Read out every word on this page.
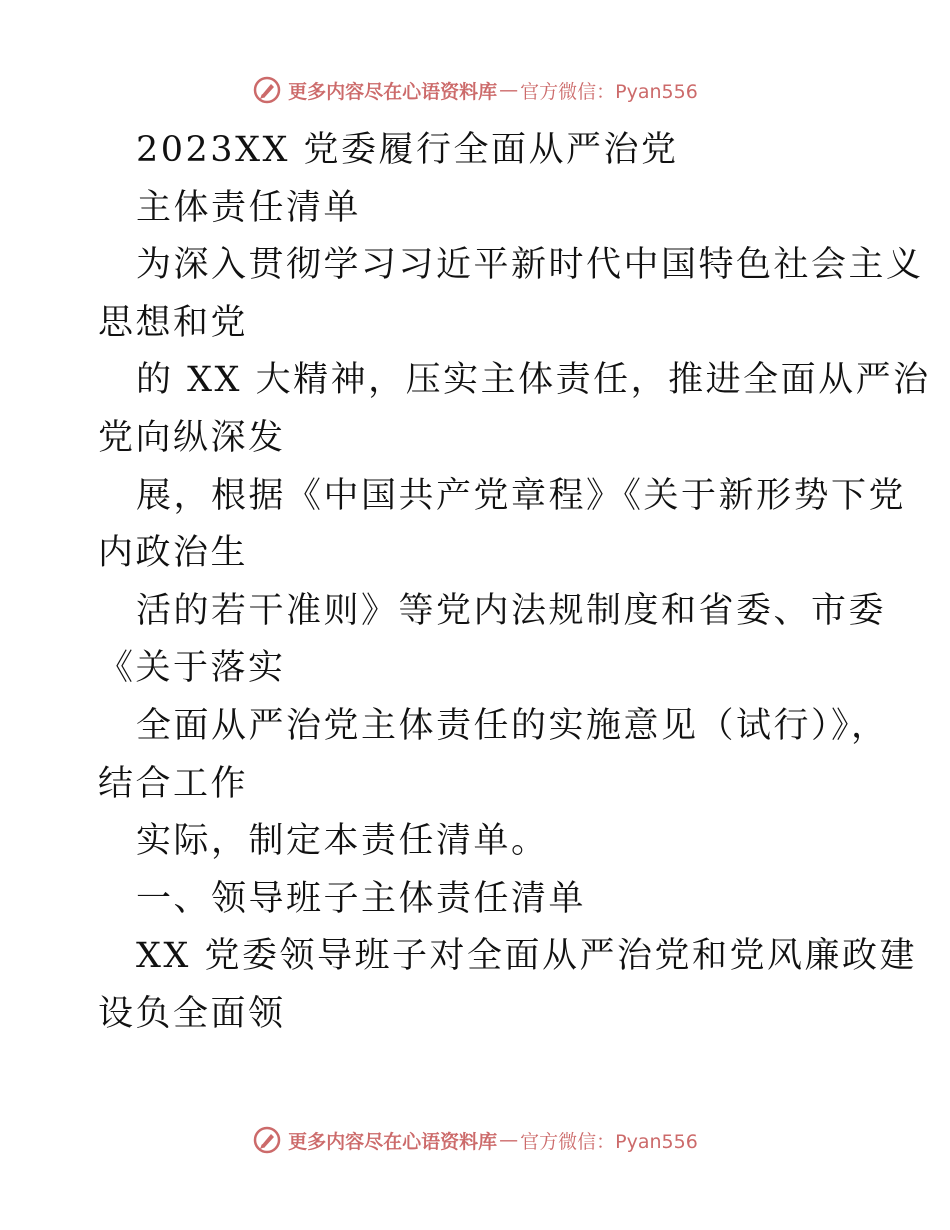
更多内容尽在心语资料库 — 官方微信：Pyan556
2023XX 党委履行全面从严治党
主体责任清单
为深入贯彻学习习近平新时代中国特色社会主义
思想和党
的 XX 大精神，压实主体责任，推进全面从严治
党向纵深发
展，根据《中国共产党章程》《关于新形势下党
内政治生
活的若干准则》等党内法规制度和省委、市委
《关于落实
全面从严治党主体责任的实施意见（试行）》，
结合工作
实际，制定本责任清单。
一、领导班子主体责任清单
XX 党委领导班子对全面从严治党和党风廉政建
设负全面领
更多内容尽在心语资料库 — 官方微信：Pyan556
